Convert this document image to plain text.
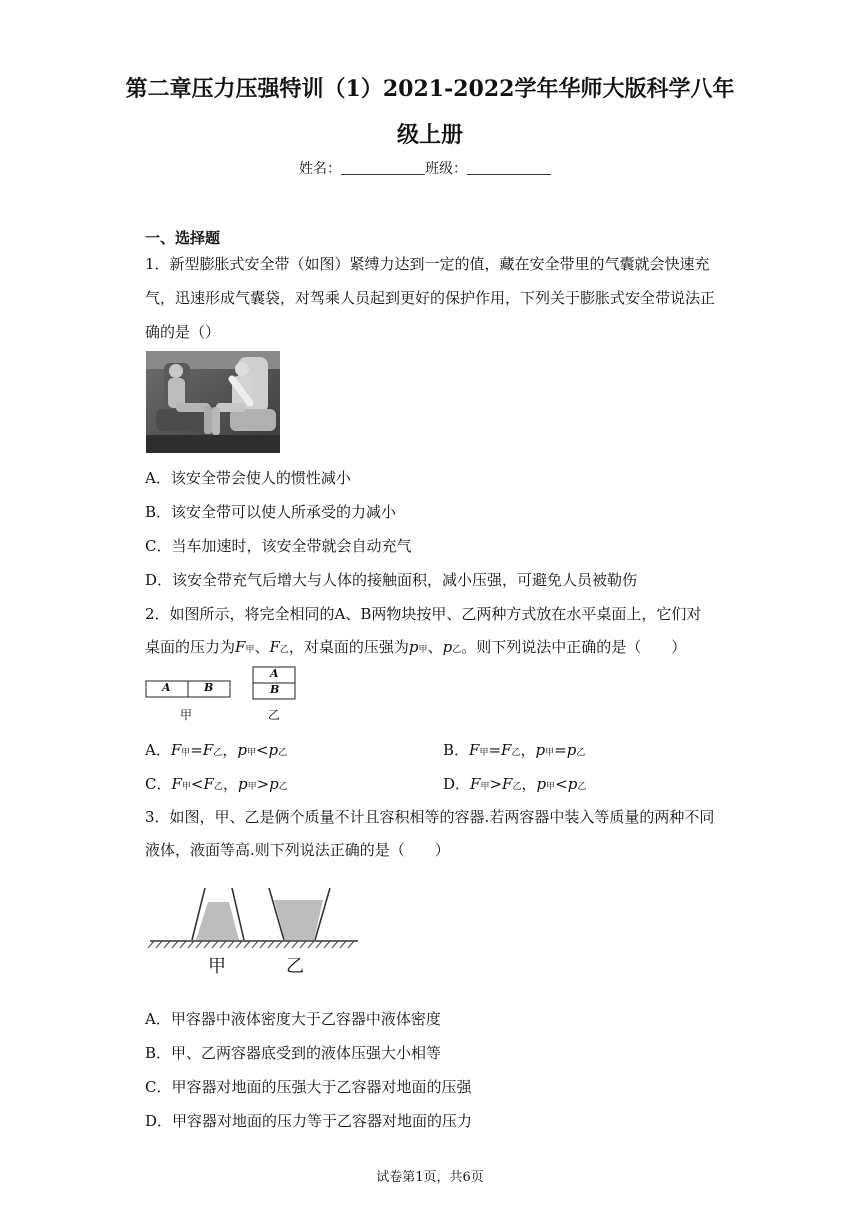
第二章压力压强特训（1）2021-2022学年华师大版科学八年
级上册
姓名：	班级：
一、选择题
1．新型膨胀式安全带（如图）紧缚力达到一定的值，藏在安全带里的气囊就会快速充
气，迅速形成气囊袋，对驾乘人员起到更好的保护作用，下列关于膨胀式安全带说法正
确的是（）
A．该安全带会使人的惯性减小
B．该安全带可以使人所承受的力减小
C．当车加速时，该安全带就会自动充气
D．该安全带充气后增大与人体的接触面积，减小压强，可避免人员被勒伤
2．如图所示，将完全相同的A、B两物块按甲、乙两种方式放在水平桌面上，它们对
桌面的压力为F甲、F乙，对桌面的压强为p甲、p乙。则下列说法中正确的是（　　）
A	B
A
B
甲	乙
A．F甲=F乙，p甲<p乙	B．F甲=F乙，p甲=p乙
C．F甲<F乙，p甲>p乙	D．F甲>F乙，p甲<p乙
3．如图，甲、乙是俩个质量不计且容积相等的容器.若两容器中装入等质量的两种不同
液体，液面等高.则下列说法正确的是（　　）
甲	乙
A．甲容器中液体密度大于乙容器中液体密度
B．甲、乙两容器底受到的液体压强大小相等
C．甲容器对地面的压强大于乙容器对地面的压强
D．甲容器对地面的压力等于乙容器对地面的压力
试卷第1页，共6页
